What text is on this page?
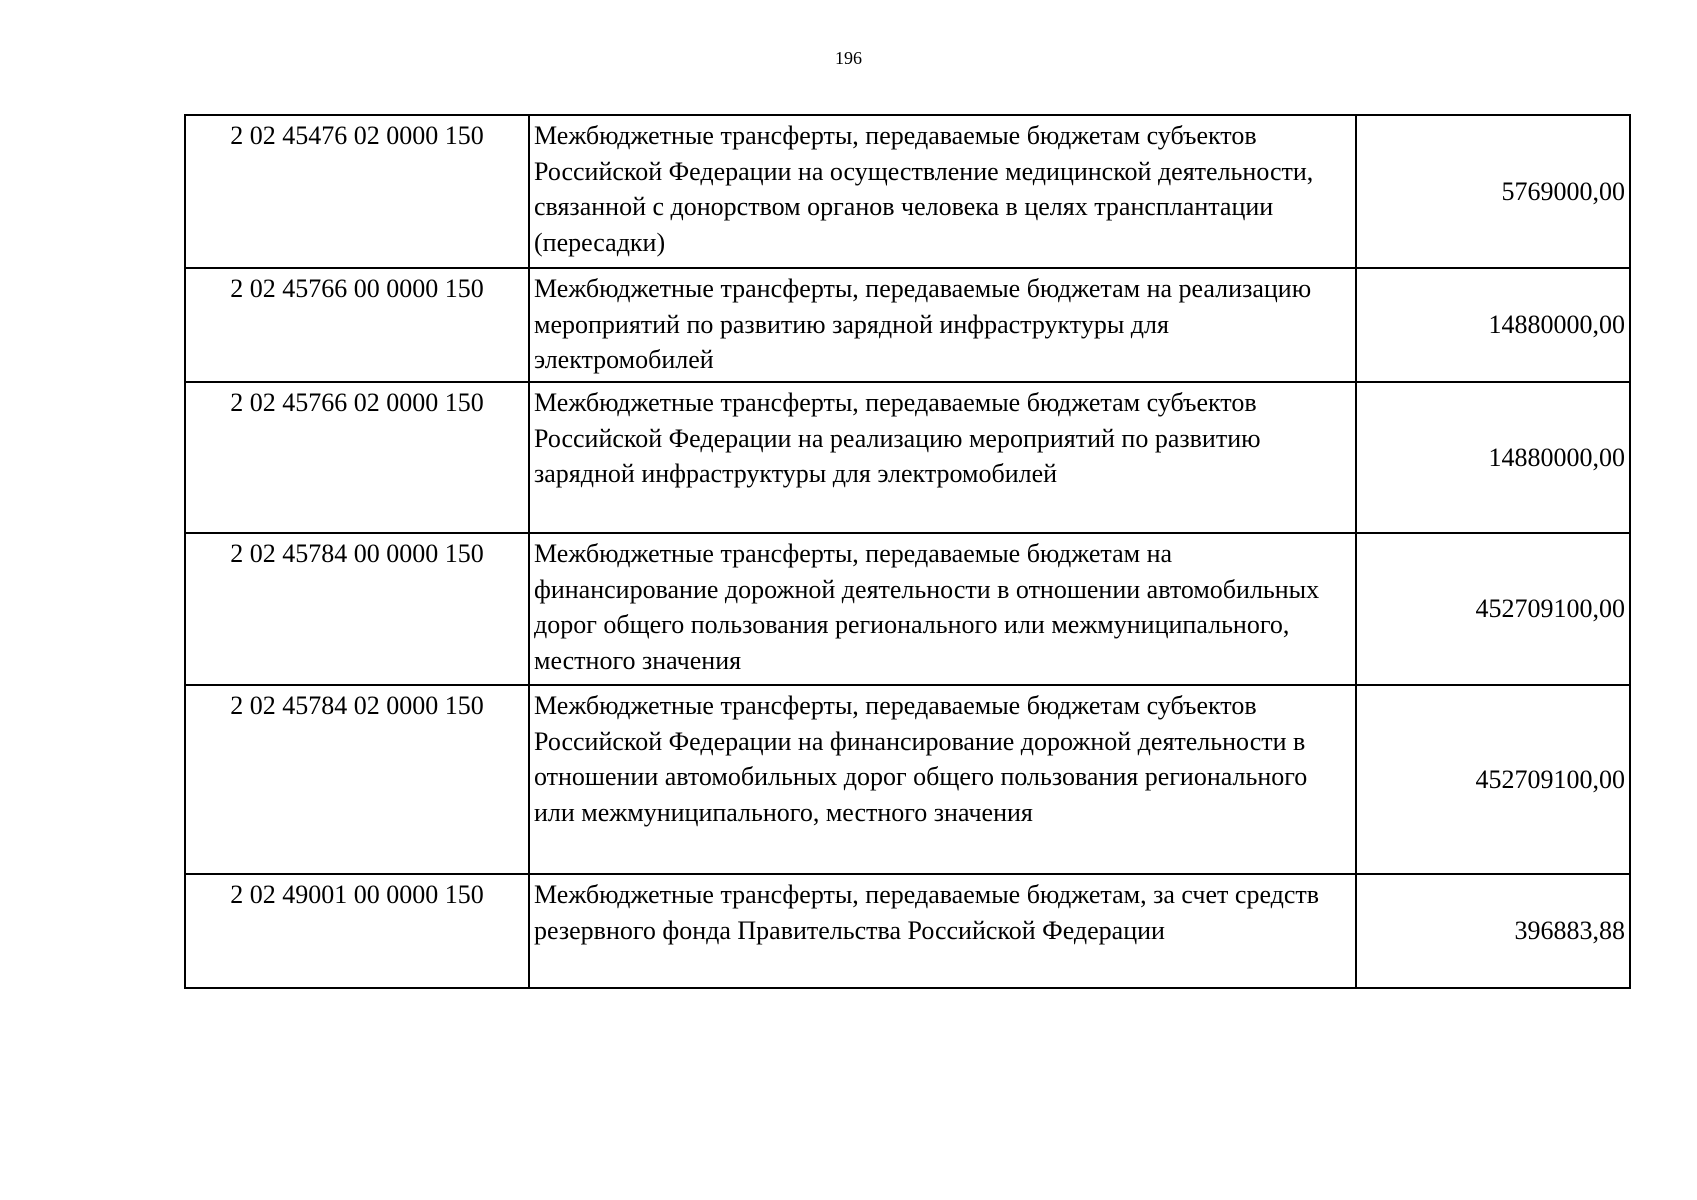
196
2 02 45476 02 0000 150	Межбюджетные трансферты, передаваемые бюджетам субъектов Российской Федерации на осуществление медицинской деятельности, связанной с донорством органов человека в целях трансплантации (пересадки)	5769000,00
2 02 45766 00 0000 150	Межбюджетные трансферты, передаваемые бюджетам на реализацию мероприятий по развитию зарядной инфраструктуры для электромобилей	14880000,00
2 02 45766 02 0000 150	Межбюджетные трансферты, передаваемые бюджетам субъектов Российской Федерации на реализацию мероприятий по развитию зарядной инфраструктуры для электромобилей	14880000,00
2 02 45784 00 0000 150	Межбюджетные трансферты, передаваемые бюджетам на финансирование дорожной деятельности в отношении автомобильных дорог общего пользования регионального или межмуниципального, местного значения	452709100,00
2 02 45784 02 0000 150	Межбюджетные трансферты, передаваемые бюджетам субъектов Российской Федерации на финансирование дорожной деятельности в отношении автомобильных дорог общего пользования регионального или межмуниципального, местного значения	452709100,00
2 02 49001 00 0000 150	Межбюджетные трансферты, передаваемые бюджетам, за счет средств резервного фонда Правительства Российской Федерации	396883,88
